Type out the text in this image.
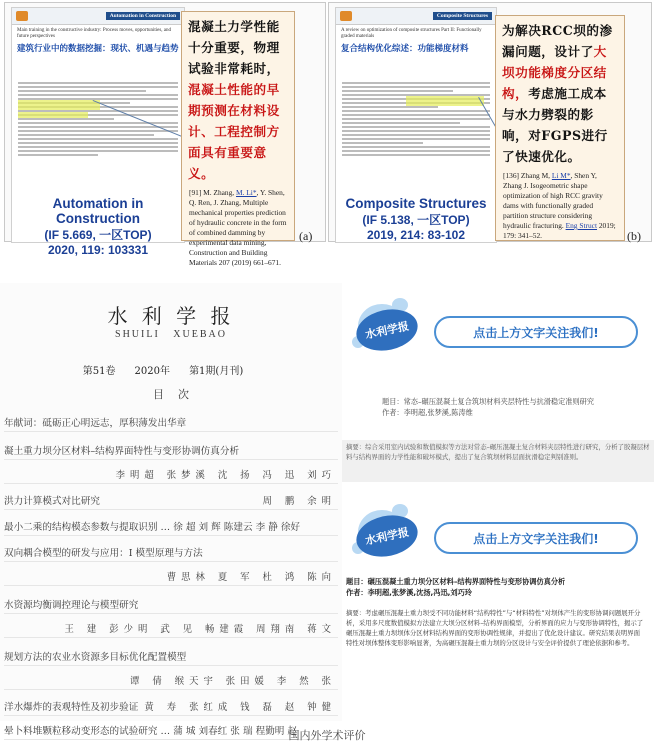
Automation in Construction
Main training in the constructive industry: Process moves, opportunities, and future perspectives
建筑行业中的数据挖掘：现状、机遇与趋势
Automation in Construction
(IF 5.669, 一区TOP)
2020, 119: 103331
混凝土力学性能十分重要，物理试验非常耗时，混凝土性能的早期预测在材料设计、工程控制方面具有重要意义。
[91] M. Zhang, M. Li*, Y. Shen, Q. Ren, J. Zhang, Multiple mechanical properties prediction of hydraulic concrete in the form of combined damming by experimental data mining, Construction and Building Materials 207 (2019) 661–671.
(a)
Composite Structures
A review on optimization of composite structures Part II: Functionally graded materials
复合结构优化综述：功能梯度材料
Composite Structures
(IF 5.138, 一区TOP)
2019, 214: 83-102
为解决RCC坝的渗漏问题，设计了大坝功能梯度分区结构，考虑施工成本与水力劈裂的影响，对FGPS进行了快速优化。
[136] Zhang M, Li M*, Shen Y, Zhang J. Isogeometric shape optimization of high RCC gravity dams with functionally graded partition structure considering hydraulic fracturing. Eng Struct 2019; 179: 341–52.	(b)
水 利 学 报
SHUILI   XUEBAO

第51卷 2020年 第1期(月刊)

目    次
年献词：砥砺正心明远志，厚积薄发出华章
凝土重力坝分区材料–结构界面特性与变形协调仿真分析
李明超 张梦溪 沈 扬 冯 迅 刘巧
洪力计算模式对比研究	周 鹏 余明
最小二乘的结构模态参数与提取识别 … 徐 超 刘 辉 陈建云 李 静 徐好
双向耦合模型的研发与应用：I 模型原理与方法
曹思林 夏 军 杜 鸿 陈向
水资源均衡调控理论与模型研究
王 建 彭少明 武 见 畅建霞 周翔南 蒋文
规划方法的农业水资源多目标优化配置模型
谭 倩 缑天宇 张田媛 李 然 张
洋水爆炸的表观特性及初步验证 黄 寿 张红成 钱 磊 赵 钟健
晕卜料堆颗粒移动变形态的试验研究 … 蒲 城 刘春红 张 瑞 程勤明 赵
水利学报	点击上方文字关注我们!
题目：常态–碾压混凝土复合筑坝材料夹层特性与抗滑稳定准则研究
作者：李明超,张梦溪,陈涛维
摘要：综合采用室内试验和数值模拟等方法对常态–碾压混凝土复合材料夹层特性进行研究，分析了胶凝层材料与结构界面的力学性能和破坏模式，提出了复合筑坝材料层面抗滑稳定判别准则。
水利学报	点击上方文字关注我们!
题目：碾压混凝土重力坝分区材料–结构界面特性与变形协调仿真分析
作者：李明超,张梦溪,沈扬,冯迅,刘巧玲
摘要：考虑碾压混凝土重力坝受不同功能材料“结构特性”与“材料特性”对坝体产生的变形协调问题展开分析，采用多尺度数值模拟方法建立大坝分区材料–结构界面模型，分析界面的应力与变形协调特性，揭示了碾压混凝土重力坝坝体分区材料结构界面的变形协调性规律，并提出了优化设计建议。研究结果表明界面特性对坝体整体变形影响显著，为高碾压混凝土重力坝的分区设计与安全评价提供了理论依据和参考。
国内外学术评价
